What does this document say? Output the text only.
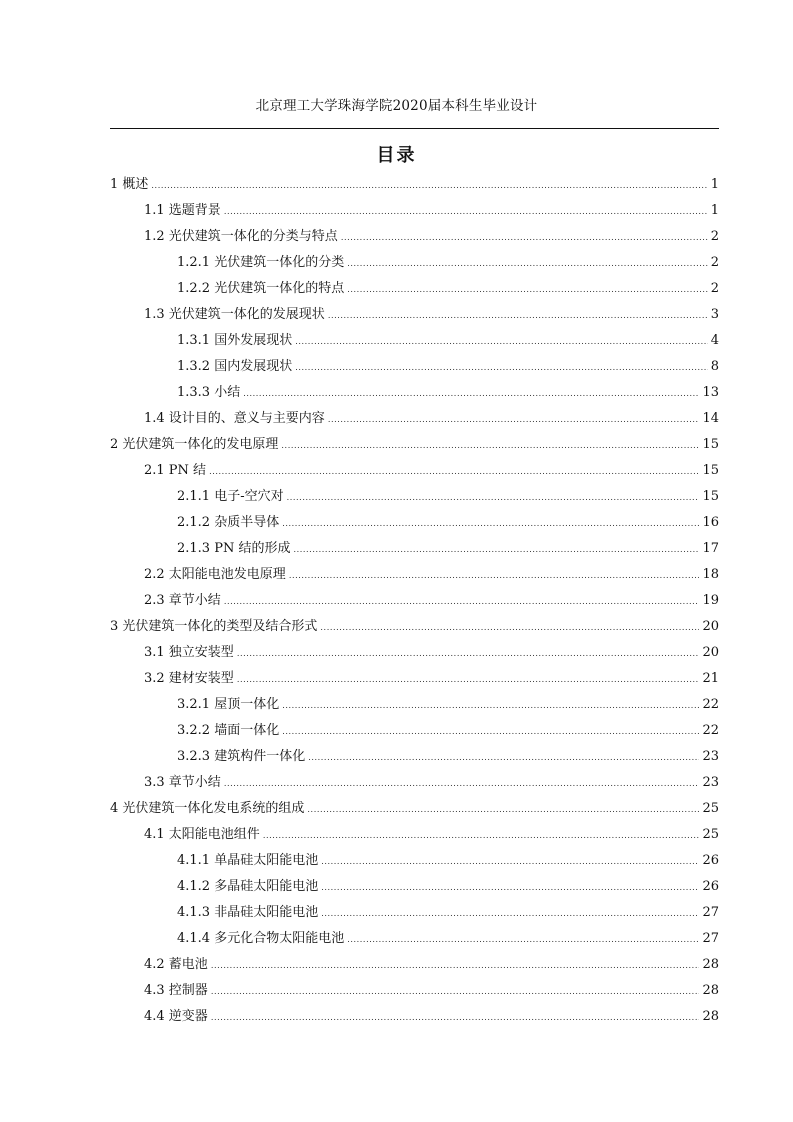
北京理工大学珠海学院2020届本科生毕业设计
目录
1 概述 .....	1
1.1 选题背景 .....	1
1.2 光伏建筑一体化的分类与特点 .....	2
1.2.1 光伏建筑一体化的分类 .....	2
1.2.2 光伏建筑一体化的特点 .....	2
1.3 光伏建筑一体化的发展现状 .....	3
1.3.1 国外发展现状 .....	4
1.3.2 国内发展现状 .....	8
1.3.3 小结 .....	13
1.4 设计目的、意义与主要内容 .....	14
2 光伏建筑一体化的发电原理 .....	15
2.1 PN 结 .....	15
2.1.1 电子-空穴对 .....	15
2.1.2 杂质半导体 .....	16
2.1.3 PN 结的形成 .....	17
2.2 太阳能电池发电原理 .....	18
2.3 章节小结 .....	19
3 光伏建筑一体化的类型及结合形式 .....	20
3.1 独立安装型 .....	20
3.2 建材安装型 .....	21
3.2.1 屋顶一体化 .....	22
3.2.2 墙面一体化 .....	22
3.2.3 建筑构件一体化 .....	23
3.3 章节小结 .....	23
4 光伏建筑一体化发电系统的组成 .....	25
4.1 太阳能电池组件 .....	25
4.1.1 单晶硅太阳能电池 .....	26
4.1.2 多晶硅太阳能电池 .....	26
4.1.3 非晶硅太阳能电池 .....	27
4.1.4 多元化合物太阳能电池 .....	27
4.2 蓄电池 .....	28
4.3 控制器 .....	28
4.4 逆变器 .....	28
